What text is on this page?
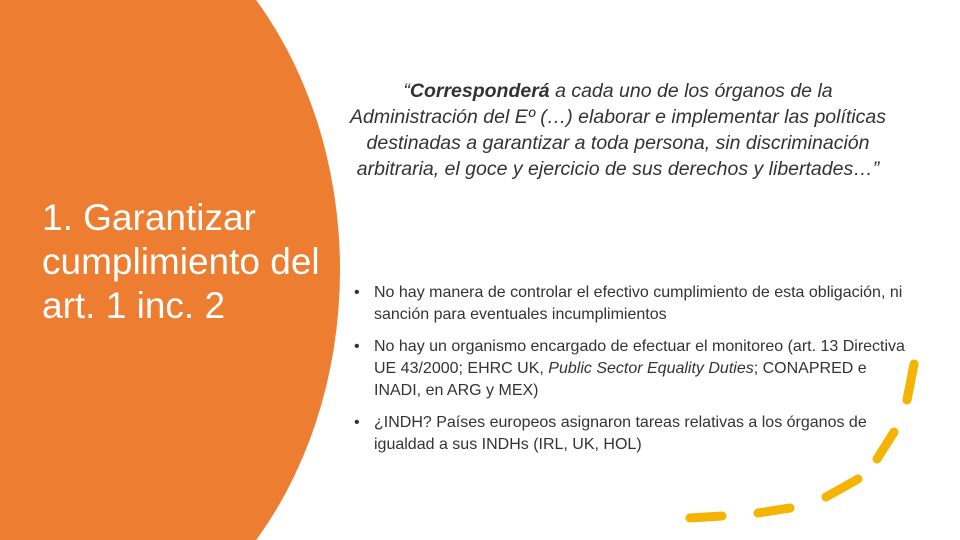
1. Garantizar cumplimiento del art. 1 inc. 2
“Corresponderá a cada uno de los órganos de la Administración del Eº (…) elaborar e implementar las políticas destinadas a garantizar a toda persona, sin discriminación arbitraria, el goce y ejercicio de sus derechos y libertades…”
• No hay manera de controlar el efectivo cumplimiento de esta obligación, ni sanción para eventuales incumplimientos
• No hay un organismo encargado de efectuar el monitoreo (art. 13 Directiva UE 43/2000; EHRC UK, Public Sector Equality Duties; CONAPRED e INADI, en ARG y MEX)
• ¿INDH? Países europeos asignaron tareas relativas a los órganos de igualdad a sus INDHs (IRL, UK, HOL)
